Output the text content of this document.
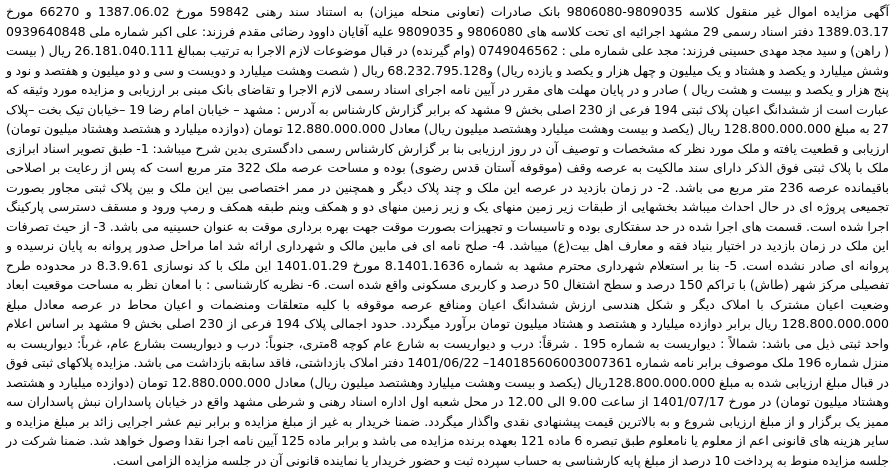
آگهی مزایده اموال غیر منقول کلاسه 9809035-9806080 بانک صادرات (تعاونی منحله میزان) به استناد سند رهنی 59842 مورخ 1387.06.02 و 66270 مورخ 1389.03.17 دفتر اسناد رسمی 29 مشهد اجرائیه ای تحت کلاسه های 9806080 و 9809035 علیه آقایان داوود رضائی مقدم فرزند: علی اکبر شماره ملی 0939640848 ( راهن) و سید مجد مهدی حسینی فرزند: مجد علی شماره ملی : 0749046562 (وام گیرنده) در قبال موضوعات لازم الاجرا به ترتیب بمبالغ 26.181.040.111 ریال ( بیست وشش میلیارد و یکصد و هشتاد و یک میلیون و چهل هزار و یکصد و یازده ریال) و68.232.795.128 ریال ( شصت وهشت میلیارد و دویست و سی و دو میلیون و هفتصد و نود و پنج هزار و یکصد و بیست و هشت ریال ) صادر و در پایان مهلت های مقرر در آیین نامه اجرای اسناد رسمی لازم الاجرا و تقاضای بانک مبنی بر ارزیابی و مزایده مورد وثیقه که عبارت است از ششدانگ اعیان پلاک ثبتی 194 فرعی از 230 اصلی بخش 9 مشهد که برابر گزارش کارشناس به آدرس : مشهد – خیابان امام رضا 19 –خیابان تیک بخت –پلاک 27 به مبلغ 128.800.000.000 ریال (یکصد و بیست وهشت میلیارد وهشتصد میلیون ریال) معادل 12.880.000.000 تومان (دوازده میلیارد و هشتصد وهشتاد میلیون تومان) ارزیابی و قطعیت یافته و ملک مورد نظر که مشخصات و توصیف آن در روز ارزیابی بنا بر گزارش کارشناس رسمی دادگستری بدین شرح میباشد: 1- طبق تصویر اسناد ابرازی ملک با پلاک ثبتی فوق الذکر دارای سند مالکیت به عرصه وقف (موقوفه آستان قدس رضوی) بوده و مساحت عرصه ملک 322 متر مربع است که پس از رعایت بر اصلاحی باقیمانده عرصه 236 متر مربع می باشد. 2- در زمان بازدید در عرصه این ملک و چند پلاک دیگر و همچنین در ممر اختصاصی بین این ملک و بین پلاک ثبتی مجاور بصورت تجمیعی پروژه ای در حال احداث میباشد بخشهایی از طبقات زیر زمین منهای یک و زیر زمین منهای دو و همکف وینم طبقه همکف و رمپ ورود و مسقف دسترسی پارکینگ اجرا شده است. قسمت های اجرا شده در حد سفتکاری بوده و تاسیسات و تجهیزات بصورت موقت جهت بهره برداری موقت به عنوان حسینیه می باشد. 3- از حیث تصرفات این ملک در زمان بازدید در اختیار بنیاد فقه و معارف اهل بیت(ع) میباشد. 4- صلح نامه ای فی مابین مالک و شهرداری ارائه شد اما مراحل صدور پروانه به پایان نرسیده و پروانه ای صادر نشده است. 5- بنا بر استعلام شهرداری محترم مشهد به شماره 8.1401.1636 مورخ 1401.01.29 این ملک با کد نوسازی 8.3.9.61 در محدوده طرح تفصیلی مرکز شهر (طاش) با تراکم 150 درصد و سطح اشتغال 50 درصد و کاربری مسکونی واقع شده است. 6- نظریه کارشناسی : با امعان نظر به مساحت موقعیت ابعاد وضعیت اعیان مشترک با املاک دیگر و شکل هندسی ارزش ششدانگ اعیان ومنافع عرصه موقوفه با کلیه متعلقات ومنضمات و اعیان محاط در عرصه معادل مبلغ 128.800.000.000 ریال برابر دوازده میلیارد و هشتصد و هشتاد میلیون تومان برآورد میگردد. حدود اجمالی پلاک 194 فرعی از 230 اصلی بخش 9 مشهد بر اساس اعلام واحد ثبتی ذیل می باشد: شمالاً : دیواریست به شماره 195 . شرقاً: درب و دیواریست به شارع عام کوچه 8متری، جنوباً: درب و دیواریست بشارع عام، غرباً: دیواریست به منزل شماره 196 ملک موصوف برابر نامه شماره 140185606003007361– 1401/06/22 دفتر املاک بازداشتی، فاقد سابقه بازداشت می باشد. مزایده پلاکهای ثبتی فوق در قبال مبلغ ارزیابی شده به مبلغ 128.800.000.000ریال (یکصد و بیست وهشت میلیارد وهشتصد میلیون ریال) معادل 12.880.000.000 تومان (دوازده میلیارد و هشتصد وهشتاد میلیون تومان) در مورخ 1401/07/17 از ساعت 9.00 الی 12.00 در محل شعبه اول اداره اسناد رهنی و شرطی مشهد واقع در خیابان پاسداران نبش پاسداران سه ممیز یک برگزار و از مبلغ ارزیابی شروع و به بالاترین قیمت پیشنهادی نقدی واگذار میگردد. ضمنا خریدار به غیر از مبلغ مزایده و برابر نیم عشر اجرایی زائد بر مبلغ مزایده و سایر هزینه های قانونی اعم از معلوم یا نامعلوم طبق تبصره 6 ماده 121 بعهده برنده مزایده می باشد و برابر ماده 125 آیین نامه اجرا نقدا وصول خواهد شد. ضمنا شرکت در جلسه مزایده منوط به پرداخت 10 درصد از مبلغ پایه کارشناسی به حساب سپرده ثبت و حضور خریدار یا نماینده قانونی آن در جلسه مزایده الزامی است.
